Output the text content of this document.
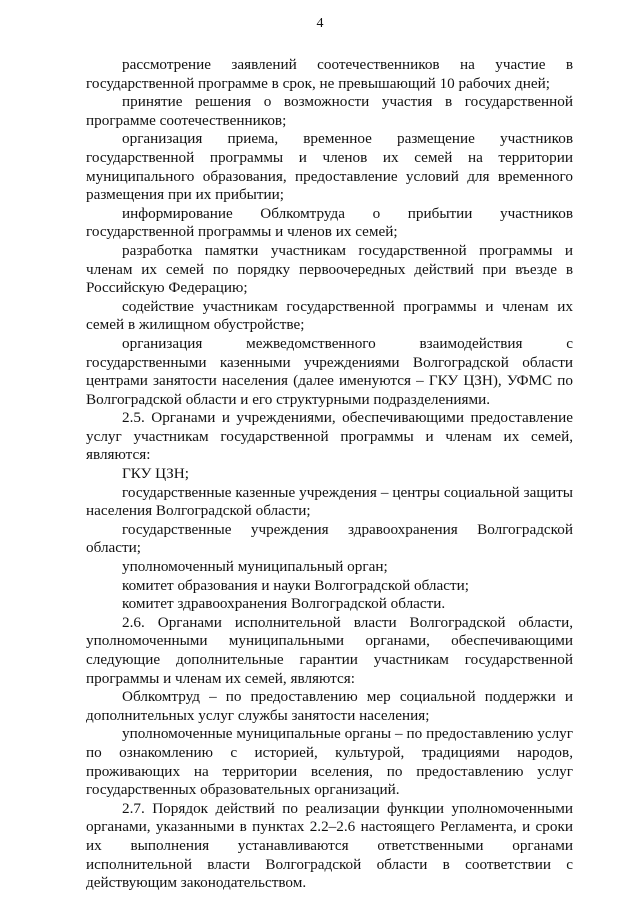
4

рассмотрение заявлений соотечественников на участие в государственной программе в срок, не превышающий 10 рабочих дней;

принятие решения о возможности участия в государственной программе соотечественников;

организация приема, временное размещение участников государственной программы и членов их семей на территории муниципального образования, предоставление условий для временного размещения при их прибытии;

информирование Облкомтруда о прибытии участников государственной программы и членов их семей;

разработка памятки участникам государственной программы и членам их семей по порядку первоочередных действий при въезде в Российскую Федерацию;

содействие участникам государственной программы и членам их семей в жилищном обустройстве;

организация межведомственного взаимодействия с государственными казенными учреждениями Волгоградской области центрами занятости населения (далее именуются – ГКУ ЦЗН), УФМС по Волгоградской области и его структурными подразделениями.

2.5. Органами и учреждениями, обеспечивающими предоставление услуг участникам государственной программы и членам их семей, являются:

ГКУ ЦЗН;

государственные казенные учреждения – центры социальной защиты населения Волгоградской области;

государственные учреждения здравоохранения Волгоградской области;

уполномоченный муниципальный орган;

комитет образования и науки Волгоградской области;

комитет здравоохранения Волгоградской области.

2.6. Органами исполнительной власти Волгоградской области, уполномоченными муниципальными органами, обеспечивающими следующие дополнительные гарантии участникам государственной программы и членам их семей, являются:

Облкомтруд – по предоставлению мер социальной поддержки и дополнительных услуг службы занятости населения;

уполномоченные муниципальные органы – по предоставлению услуг по ознакомлению с историей, культурой, традициями народов, проживающих на территории вселения, по предоставлению услуг государственных образовательных организаций.

2.7. Порядок действий по реализации функции уполномоченными органами, указанными в пунктах 2.2–2.6 настоящего Регламента, и сроки их выполнения устанавливаются ответственными органами исполнительной власти Волгоградской области в соответствии с действующим законодательством.
